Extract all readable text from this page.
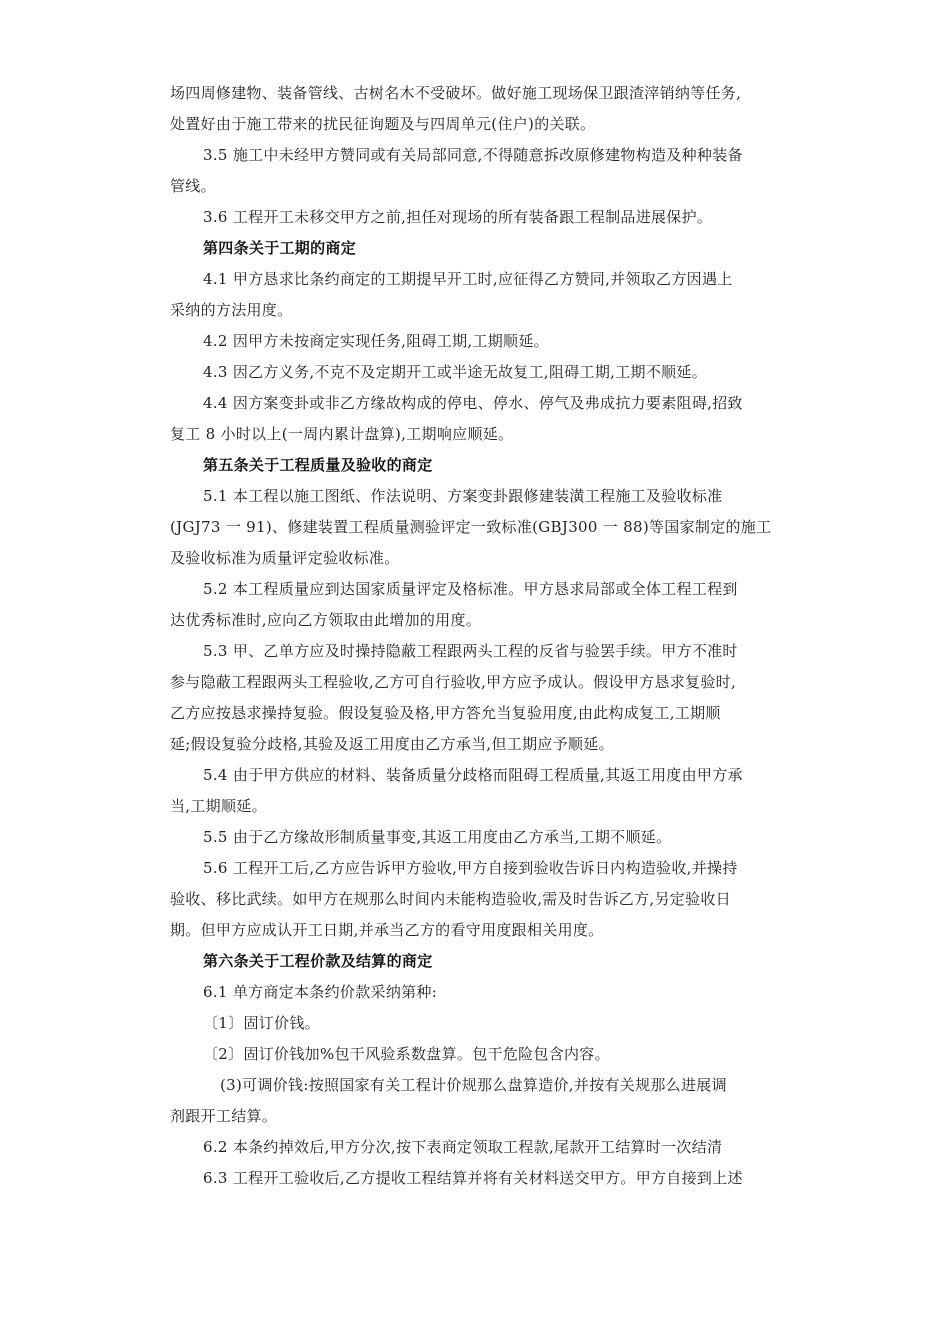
场四周修建物、装备管线、古树名木不受破坏。做好施工现场保卫跟渣滓销纳等任务,

处置好由于施工带来的扰民征询题及与四周单元(住户)的关联。

3.5 施工中未经甲方赞同或有关局部同意,不得随意拆改原修建物构造及种种装备

管线。

3.6 工程开工未移交甲方之前,担任对现场的所有装备跟工程制品进展保护。

第四条关于工期的商定

4.1 甲方恳求比条约商定的工期提早开工时,应征得乙方赞同,并领取乙方因遇上

采纳的方法用度。

4.2 因甲方未按商定实现任务,阻碍工期,工期顺延。

4.3 因乙方义务,不克不及定期开工或半途无故复工,阻碍工期,工期不顺延。

4.4 因方案变卦或非乙方缘故构成的停电、停水、停气及弗成抗力要素阻碍,招致

复工 8 小时以上(一周内累计盘算),工期响应顺延。

第五条关于工程质量及验收的商定

5.1 本工程以施工图纸、作法说明、方案变卦跟修建装潢工程施工及验收标准

(JGJ73 一 91)、修建装置工程质量测验评定一致标准(GBJ300 一 88)等国家制定的施工

及验收标准为质量评定验收标准。

5.2 本工程质量应到达国家质量评定及格标准。甲方恳求局部或全体工程工程到

达优秀标准时,应向乙方领取由此增加的用度。

5.3 甲、乙单方应及时操持隐蔽工程跟两头工程的反省与验罢手续。甲方不准时

参与隐蔽工程跟两头工程验收,乙方可自行验收,甲方应予成认。假设甲方恳求复验时,

乙方应按恳求操持复验。假设复验及格,甲方答允当复验用度,由此构成复工,工期顺

延;假设复验分歧格,其验及返工用度由乙方承当,但工期应予顺延。

5.4 由于甲方供应的材料、装备质量分歧格而阻碍工程质量,其返工用度由甲方承

当,工期顺延。

5.5 由于乙方缘故形制质量事变,其返工用度由乙方承当,工期不顺延。

5.6 工程开工后,乙方应告诉甲方验收,甲方自接到验收告诉日内构造验收,并操持

验收、移比武续。如甲方在规那么时间内未能构造验收,需及时告诉乙方,另定验收日

期。但甲方应成认开工日期,并承当乙方的看守用度跟相关用度。

第六条关于工程价款及结算的商定

6.1 单方商定本条约价款采纳第种:

〔1〕固订价钱。

〔2〕固订价钱加%包干风验系数盘算。包干危险包含内容。

(3)可调价钱:按照国家有关工程计价规那么盘算造价,并按有关规那么进展调

剂跟开工结算。

6.2 本条约掉效后,甲方分次,按下表商定领取工程款,尾款开工结算时一次结清

6.3 工程开工验收后,乙方提收工程结算并将有关材料送交甲方。甲方自接到上述
